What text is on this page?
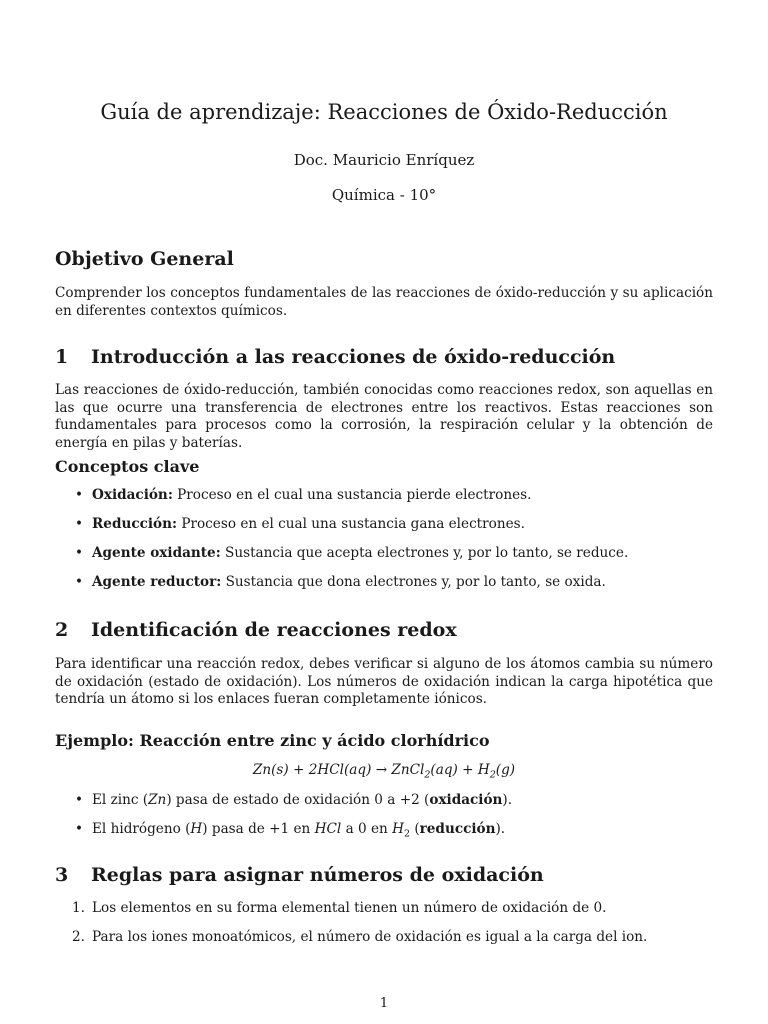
Guía de aprendizaje: Reacciones de Óxido-Reducción
Doc. Mauricio Enríquez
Química - 10°
Objetivo General

Comprender los conceptos fundamentales de las reacciones de óxido-reducción y su aplicación en diferentes contextos químicos.

1 Introducción a las reacciones de óxido-reducción

Las reacciones de óxido-reducción, también conocidas como reacciones redox, son aquellas en las que ocurre una transferencia de electrones entre los reactivos. Estas reacciones son fundamentales para procesos como la corrosión, la respiración celular y la obtención de energía en pilas y baterías.

Conceptos clave
• Oxidación: Proceso en el cual una sustancia pierde electrones.
• Reducción: Proceso en el cual una sustancia gana electrones.
• Agente oxidante: Sustancia que acepta electrones y, por lo tanto, se reduce.
• Agente reductor: Sustancia que dona electrones y, por lo tanto, se oxida.
2 Identificación de reacciones redox

Para identificar una reacción redox, debes verificar si alguno de los átomos cambia su número de oxidación (estado de oxidación). Los números de oxidación indican la carga hipotética que tendría un átomo si los enlaces fueran completamente iónicos.

Ejemplo: Reacción entre zinc y ácido clorhídrico
Zn(s) + 2HCl(aq) → ZnCl$_2$(aq) + $H_2(g)$
• El zinc (Zn) pasa de estado de oxidación 0 a +2 (oxidación).
• El hidrógeno (H) pasa de +1 en HCl a 0 en $H_2$ (reducción).
3 Reglas para asignar números de oxidación
1. Los elementos en su forma elemental tienen un número de oxidación de 0.
2. Para los iones monoatómicos, el número de oxidación es igual a la carga del ion.
1
